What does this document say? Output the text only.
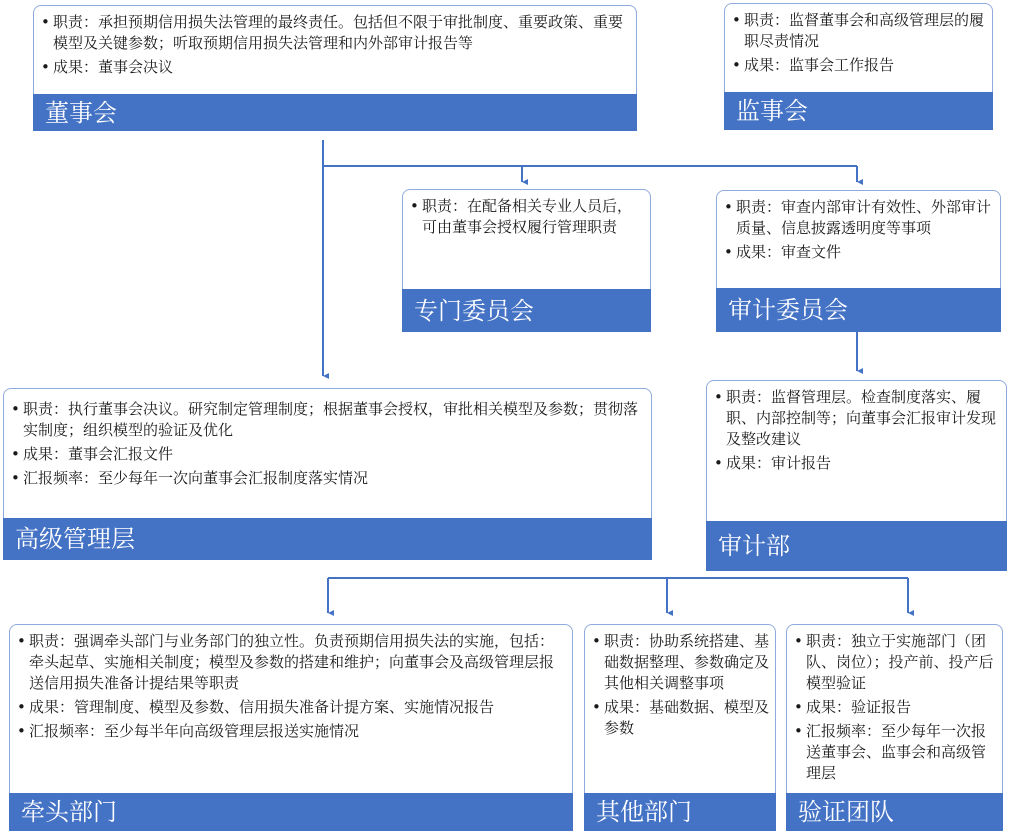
• 职责：承担预期信用损失法管理的最终责任。包括但不限于审批制度、重要政策、重要模型及关键参数；听取预期信用损失法管理和内外部审计报告等
• 成果：董事会决议
董事会
• 职责：监督董事会和高级管理层的履职尽责情况
• 成果：监事会工作报告
监事会
• 职责：在配备相关专业人员后，可由董事会授权履行管理职责
专门委员会
• 职责：审查内部审计有效性、外部审计质量、信息披露透明度等事项
• 成果：审查文件
审计委员会
• 职责：执行董事会决议。研究制定管理制度；根据董事会授权，审批相关模型及参数；贯彻落实制度；组织模型的验证及优化
• 成果：董事会汇报文件
• 汇报频率：至少每年一次向董事会汇报制度落实情况
高级管理层
• 职责：监督管理层。检查制度落实、履职、内部控制等；向董事会汇报审计发现及整改建议
• 成果：审计报告
审计部
• 职责：强调牵头部门与业务部门的独立性。负责预期信用损失法的实施，包括：牵头起草、实施相关制度；模型及参数的搭建和维护；向董事会及高级管理层报送信用损失准备计提结果等职责
• 成果：管理制度、模型及参数、信用损失准备计提方案、实施情况报告
• 汇报频率：至少每半年向高级管理层报送实施情况
牵头部门
• 职责：协助系统搭建、基础数据整理、参数确定及其他相关调整事项
• 成果：基础数据、模型及参数
其他部门
• 职责：独立于实施部门（团队、岗位）；投产前、投产后模型验证
• 成果：验证报告
• 汇报频率：至少每年一次报送董事会、监事会和高级管理层
验证团队
